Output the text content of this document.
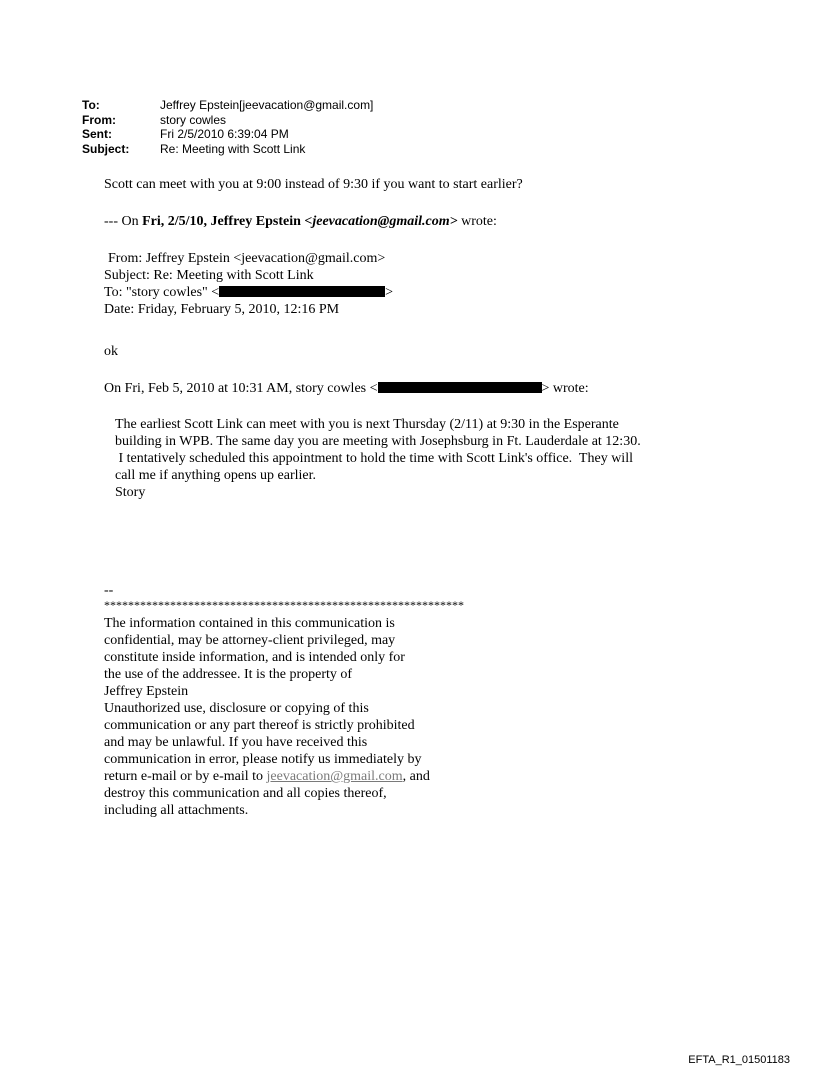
To:	Jeffrey Epstein[jeevacation@gmail.com]
From:	story cowles
Sent:	Fri 2/5/2010 6:39:04 PM
Subject:	Re: Meeting with Scott Link
Scott can meet with you at 9:00 instead of 9:30 if you want to start earlier?
--- On Fri, 2/5/10, Jeffrey Epstein <jeevacation@gmail.com> wrote:
From: Jeffrey Epstein <jeevacation@gmail.com>
Subject: Re: Meeting with Scott Link
To: "story cowles" <	>
Date: Friday, February 5, 2010, 12:16 PM
ok
On Fri, Feb 5, 2010 at 10:31 AM, story cowles <	> wrote:
The earliest Scott Link can meet with you is next Thursday (2/11) at 9:30 in the Esperante
building in WPB. The same day you are meeting with Josephsburg in Ft. Lauderdale at 12:30.
I tentatively scheduled this appointment to hold the time with Scott Link's office.  They will
call me if anything opens up earlier.
Story
--
************************************************************
The information contained in this communication is
confidential, may be attorney-client privileged, may
constitute inside information, and is intended only for
the use of the addressee. It is the property of
Jeffrey Epstein
Unauthorized use, disclosure or copying of this
communication or any part thereof is strictly prohibited
and may be unlawful. If you have received this
communication in error, please notify us immediately by
return e-mail or by e-mail to jeevacation@gmail.com, and
destroy this communication and all copies thereof,
including all attachments.
EFTA_R1_01501183
